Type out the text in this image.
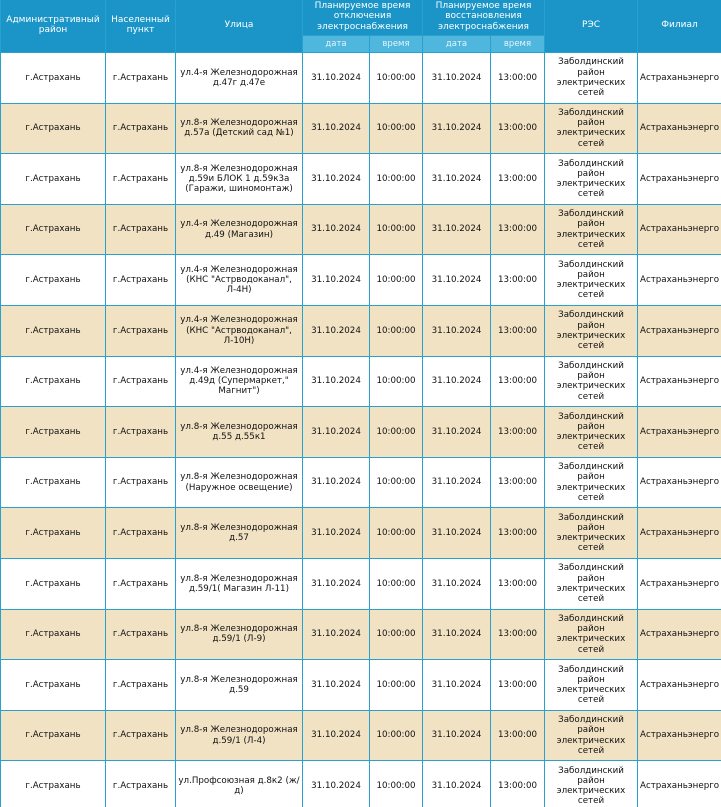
Административный район	Населенный пункт	Улица	Планируемое время отключения электроснабжения		Планируемое время восстановления электроснабжения		РЭС	Филиал
			дата	время	дата	время		
г.Астрахань	г.Астрахань	ул.4-я Железнодорожная д.47г д.47е	31.10.2024	10:00:00	31.10.2024	13:00:00	Заболдинский район электрических сетей	Астраханьэнерго
г.Астрахань	г.Астрахань	ул.8-я Железнодорожная д.57а (Детский сад №1)	31.10.2024	10:00:00	31.10.2024	13:00:00	Заболдинский район электрических сетей	Астраханьэнерго
г.Астрахань	г.Астрахань	ул.8-я Железнодорожная д.59и БЛОК 1 д.59к3а (Гаражи, шиномонтаж)	31.10.2024	10:00:00	31.10.2024	13:00:00	Заболдинский район электрических сетей	Астраханьэнерго
г.Астрахань	г.Астрахань	ул.4-я Железнодорожная д.49 (Магазин)	31.10.2024	10:00:00	31.10.2024	13:00:00	Заболдинский район электрических сетей	Астраханьэнерго
г.Астрахань	г.Астрахань	ул.4-я Железнодорожная (КНС "Астрводоканал", Л-4Н)	31.10.2024	10:00:00	31.10.2024	13:00:00	Заболдинский район электрических сетей	Астраханьэнерго
г.Астрахань	г.Астрахань	ул.4-я Железнодорожная (КНС "Астрводоканал", Л-10Н)	31.10.2024	10:00:00	31.10.2024	13:00:00	Заболдинский район электрических сетей	Астраханьэнерго
г.Астрахань	г.Астрахань	ул.4-я Железнодорожная д.49д (Супермаркет," Магнит")	31.10.2024	10:00:00	31.10.2024	13:00:00	Заболдинский район электрических сетей	Астраханьэнерго
г.Астрахань	г.Астрахань	ул.8-я Железнодорожная д.55 д.55к1	31.10.2024	10:00:00	31.10.2024	13:00:00	Заболдинский район электрических сетей	Астраханьэнерго
г.Астрахань	г.Астрахань	ул.8-я Железнодорожная (Наружное освещение)	31.10.2024	10:00:00	31.10.2024	13:00:00	Заболдинский район электрических сетей	Астраханьэнерго
г.Астрахань	г.Астрахань	ул.8-я Железнодорожная д.57	31.10.2024	10:00:00	31.10.2024	13:00:00	Заболдинский район электрических сетей	Астраханьэнерго
г.Астрахань	г.Астрахань	ул.8-я Железнодорожная д.59/1( Магазин Л-11)	31.10.2024	10:00:00	31.10.2024	13:00:00	Заболдинский район электрических сетей	Астраханьэнерго
г.Астрахань	г.Астрахань	ул.8-я Железнодорожная д.59/1 (Л-9)	31.10.2024	10:00:00	31.10.2024	13:00:00	Заболдинский район электрических сетей	Астраханьэнерго
г.Астрахань	г.Астрахань	ул.8-я Железнодорожная д.59	31.10.2024	10:00:00	31.10.2024	13:00:00	Заболдинский район электрических сетей	Астраханьэнерго
г.Астрахань	г.Астрахань	ул.8-я Железнодорожная д.59/1 (Л-4)	31.10.2024	10:00:00	31.10.2024	13:00:00	Заболдинский район электрических сетей	Астраханьэнерго
г.Астрахань	г.Астрахань	ул.Профсоюзная д.8к2 (ж/д)	31.10.2024	10:00:00	31.10.2024	13:00:00	Заболдинский район электрических сетей	Астраханьэнерго
